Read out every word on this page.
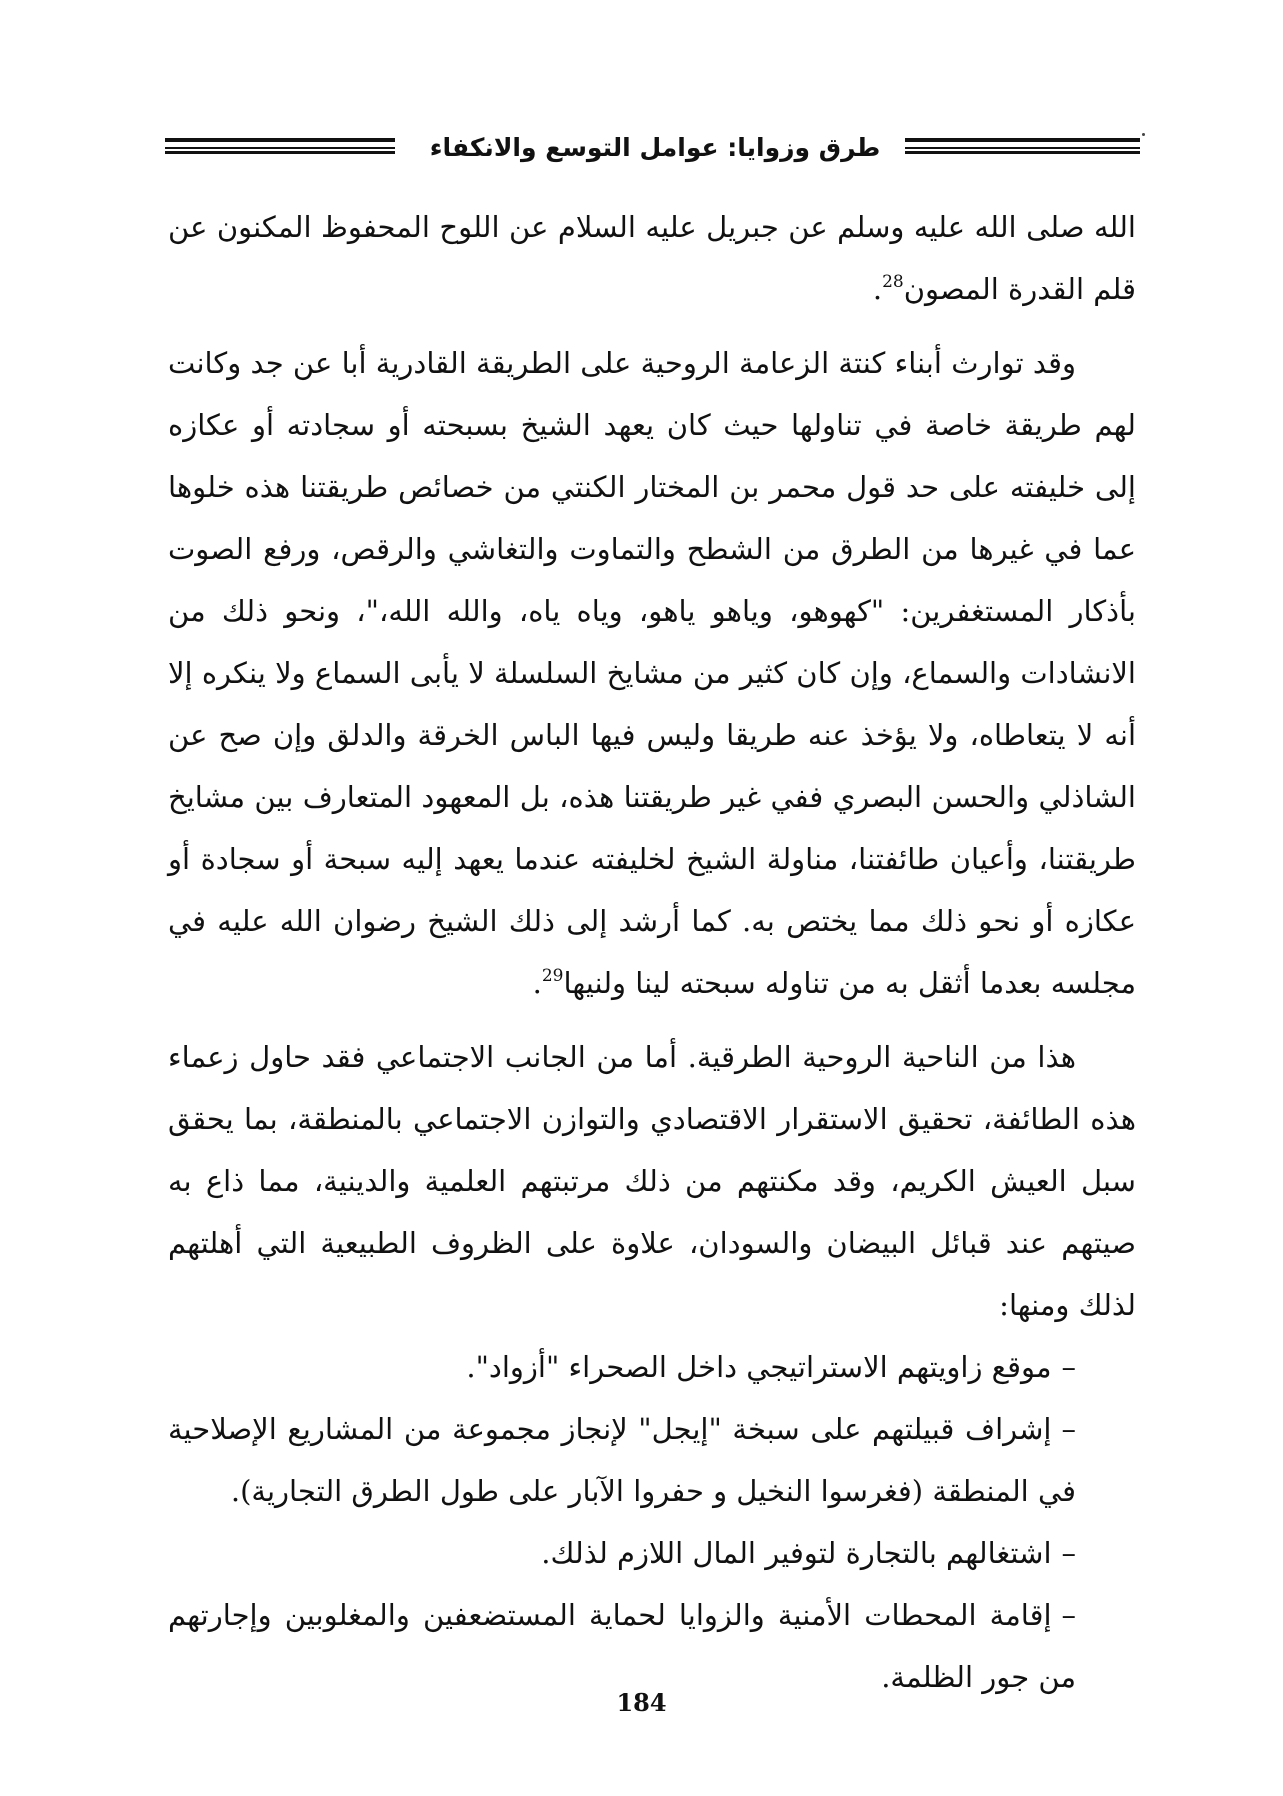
طرق وزوايا: عوامل التوسع والانكفاء

الله صلى الله عليه وسلم عن جبريل عليه السلام عن اللوح المحفوظ المكنون عن قلم القدرة المصون$^{28}$.

وقد توارث أبناء كنتة الزعامة الروحية على الطريقة القادرية أبا عن جد وكانت لهم طريقة خاصة في تناولها حيث كان يعهد الشيخ بسبحته أو سجادته أو عكازه إلى خليفته على حد قول محمر بن المختار الكنتي من خصائص طريقتنا هذه خلوها عما في غيرها من الطرق من الشطح والتماوت والتغاشي والرقص، ورفع الصوت بأذكار المستغفرين: "كهوهو، وياهو ياهو، وياه ياه، والله الله،"، ونحو ذلك من الانشادات والسماع، وإن كان كثير من مشايخ السلسلة لا يأبى السماع ولا ينكره إلا أنه لا يتعاطاه، ولا يؤخذ عنه طريقا وليس فيها الباس الخرقة والدلق وإن صح عن الشاذلي والحسن البصري ففي غير طريقتنا هذه، بل المعهود المتعارف بين مشايخ طريقتنا، وأعيان طائفتنا، مناولة الشيخ لخليفته عندما يعهد إليه سبحة أو سجادة أو عكازه أو نحو ذلك مما يختص به. كما أرشد إلى ذلك الشيخ رضوان الله عليه في مجلسه بعدما أثقل به من تناوله سبحته لينا ولنيها$^{29}$.

هذا من الناحية الروحية الطرقية. أما من الجانب الاجتماعي فقد حاول زعماء هذه الطائفة، تحقيق الاستقرار الاقتصادي والتوازن الاجتماعي بالمنطقة، بما يحقق سبل العيش الكريم، وقد مكنتهم من ذلك مرتبتهم العلمية والدينية، مما ذاع به صيتهم عند قبائل البيضان والسودان، علاوة على الظروف الطبيعية التي أهلتهم لذلك ومنها:

–موقع زاويتهم الاستراتيجي داخل الصحراء "أزواد".
–إشراف قبيلتهم على سبخة "إيجل" لإنجاز مجموعة من المشاريع الإصلاحية في المنطقة (فغرسوا النخيل و حفروا الآبار على طول الطرق التجارية).
–اشتغالهم بالتجارة لتوفير المال اللازم لذلك.
–إقامة المحطات الأمنية والزوايا لحماية المستضعفين والمغلوبين وإجارتهم من جور الظلمة.
184
